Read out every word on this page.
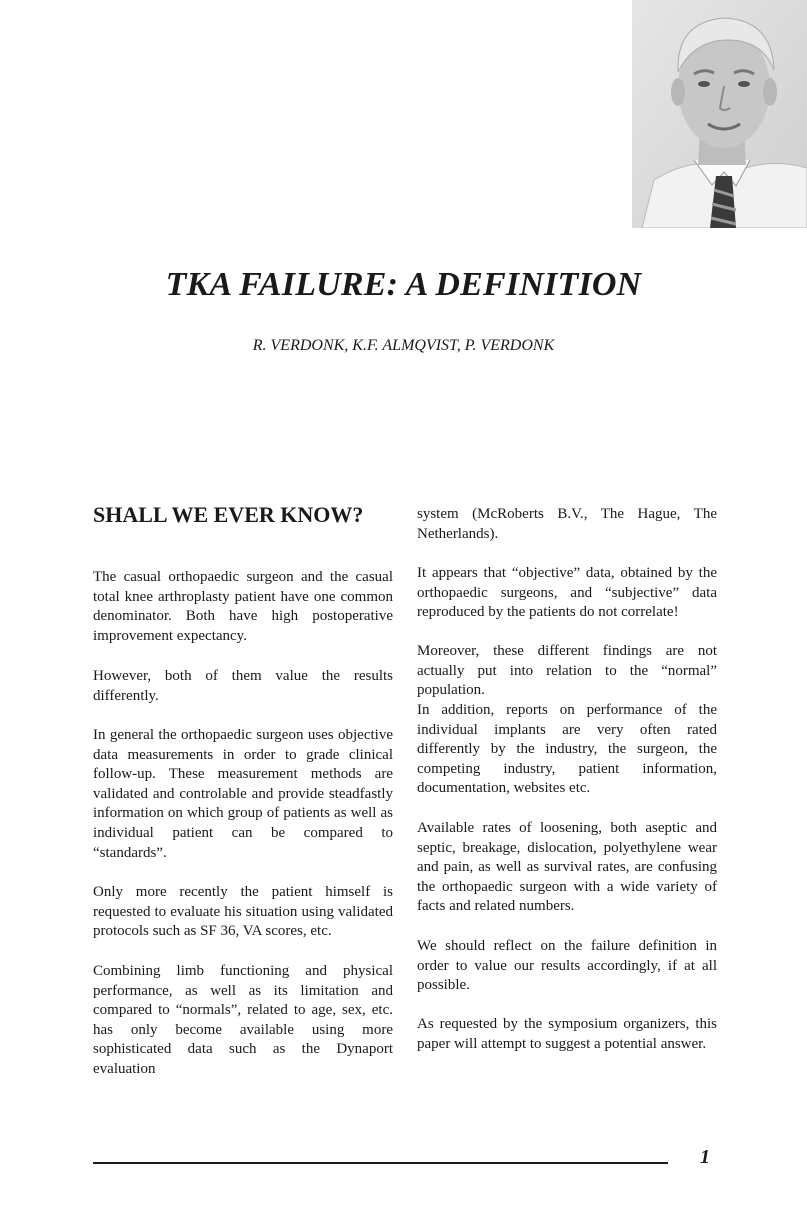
TKA FAILURE: A DEFINITION
R. VERDONK, K.F. ALMQVIST, P. VERDONK
SHALL WE EVER KNOW?

The casual orthopaedic surgeon and the casual total knee arthroplasty patient have one common denominator. Both have high postoperative improvement expectancy.

However, both of them value the results differently.

In general the orthopaedic surgeon uses objective data measurements in order to grade clinical follow-up. These measurement methods are validated and controlable and provide steadfastly information on which group of patients as well as individual patient can be compared to “standards”.

Only more recently the patient himself is requested to evaluate his situation using validated protocols such as SF 36, VA scores, etc.

Combining limb functioning and physical performance, as well as its limitation and compared to “normals”, related to age, sex, etc. has only become available using more sophisticated data such as the Dynaport evaluation

system (McRoberts B.V., The Hague, The Netherlands).

It appears that “objective” data, obtained by the orthopaedic surgeons, and “subjective” data reproduced by the patients do not correlate!

Moreover, these different findings are not actually put into relation to the “normal” population.

In addition, reports on performance of the individual implants are very often rated differently by the industry, the surgeon, the competing industry, patient information, documentation, websites etc.

Available rates of loosening, both aseptic and septic, breakage, dislocation, polyethylene wear and pain, as well as survival rates, are confusing the orthopaedic surgeon with a wide variety of facts and related numbers.

We should reflect on the failure definition in order to value our results accordingly, if at all possible.

As requested by the symposium organizers, this paper will attempt to suggest a potential answer.

1
